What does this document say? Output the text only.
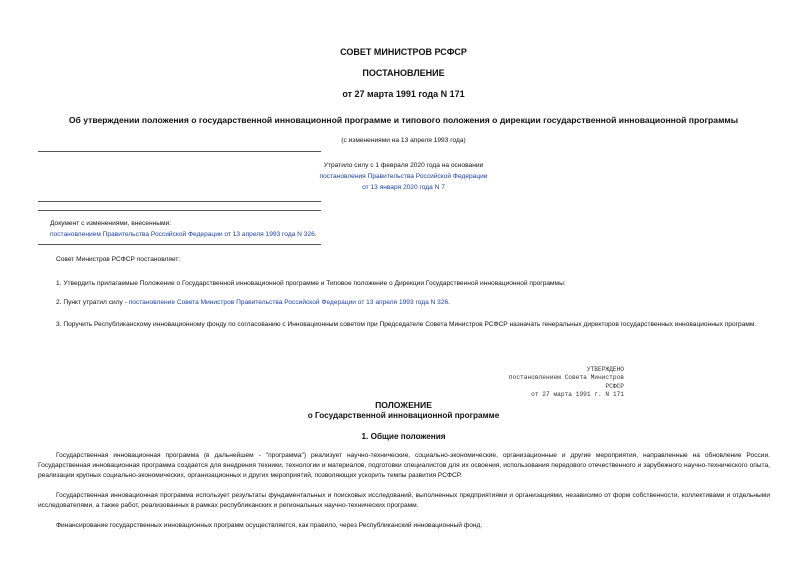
СОВЕТ МИНИСТРОВ РСФСР
ПОСТАНОВЛЕНИЕ
от 27 марта 1991 года N 171
Об утверждении положения о государственной инновационной программе и типового положения о дирекции государственной инновационной программы
(с изменениями на 13 апреля 1993 года)
Утратило силу с 1 февраля 2020 года на основании
постановления Правительства Российской Федерации
от 13 января 2020 года N 7
Документ с изменениями, внесенными:
постановлением Правительства Российской Федерации от 13 апреля 1993 года N 326.
Совет Министров РСФСР постановляет:
1. Утвердить прилагаемые Положение о Государственной инновационной программе и Типовое положение о Дирекции Государственной инновационной программы:
2. Пункт утратил силу - постановление Совета Министров Правительства Российской Федерации от 13 апреля 1993 года N 326.
3. Поручить Республиканскому инновационному фонду по согласованию с Инновационным советом при Председателе Совета Министров РСФСР назначать генеральных директоров государственных инновационных программ.
УТВЕРЖДЕНО
постановлением Совета Министров
РСФСР
от 27 марта 1991 г. N 171
ПОЛОЖЕНИЕ
о Государственной инновационной программе
1. Общие положения
Государственная инновационная программа (в дальнейшем - "программа") реализует научно-технические, социально-экономические, организационные и другие мероприятия, направленные на обновление России. Государственная инновационная программа создается для внедрения техники, технологии и материалов, подготовки специалистов для их освоения, использования передового отечественного и зарубежного научно-технического опыта, реализации крупных социально-экономических, организационных и других мероприятий, позволяющих ускорить темпы развития РСФСР.
Государственная инновационная программа использует результаты фундаментальных и поисковых исследований, выполненных предприятиями и организациями, независимо от форм собственности, коллективами и отдельными исследователями, а также работ, реализованных в рамках республиканских и региональных научно-технических программ.
Финансирование государственных инновационных программ осуществляется, как правило, через Республиканский инновационный фонд.
